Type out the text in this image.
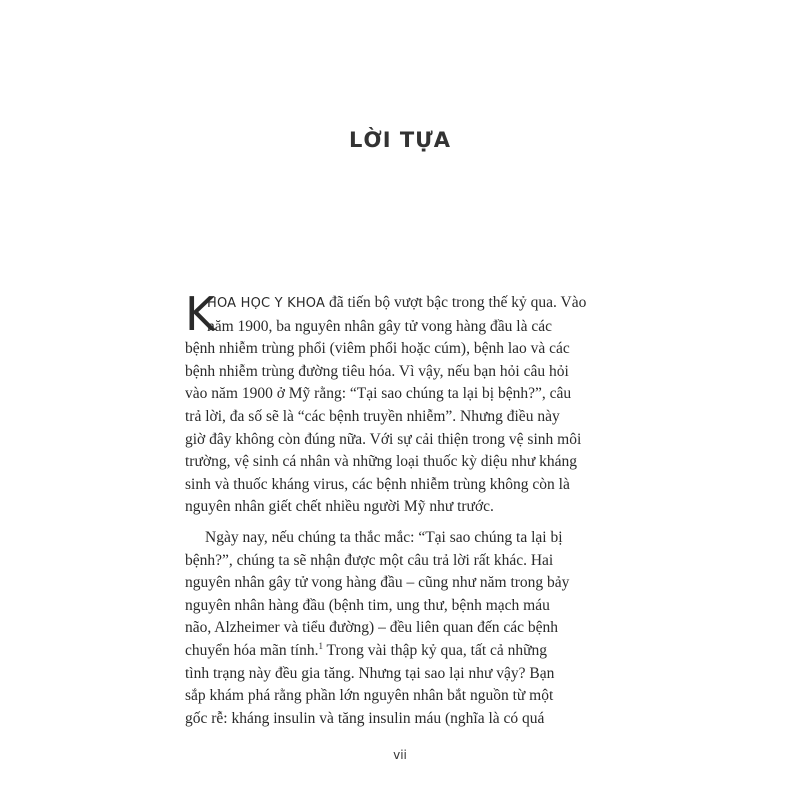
LỜI TỰA

K
HOA HỌC Y KHOA đã tiến bộ vượt bậc trong thế kỷ qua. Vào
năm 1900, ba nguyên nhân gây tử vong hàng đầu là các
bệnh nhiễm trùng phổi (viêm phổi hoặc cúm), bệnh lao và các
bệnh nhiễm trùng đường tiêu hóa. Vì vậy, nếu bạn hỏi câu hỏi
vào năm 1900 ở Mỹ rằng: “Tại sao chúng ta lại bị bệnh?”, câu
trả lời, đa số sẽ là “các bệnh truyền nhiễm”. Nhưng điều này
giờ đây không còn đúng nữa. Với sự cải thiện trong vệ sinh môi
trường, vệ sinh cá nhân và những loại thuốc kỳ diệu như kháng
sinh và thuốc kháng virus, các bệnh nhiễm trùng không còn là
nguyên nhân giết chết nhiều người Mỹ như trước.

Ngày nay, nếu chúng ta thắc mắc: “Tại sao chúng ta lại bị
bệnh?”, chúng ta sẽ nhận được một câu trả lời rất khác. Hai
nguyên nhân gây tử vong hàng đầu – cũng như năm trong bảy
nguyên nhân hàng đầu (bệnh tim, ung thư, bệnh mạch máu
não, Alzheimer và tiểu đường) – đều liên quan đến các bệnh
chuyển hóa mãn tính.$^1$ Trong vài thập kỷ qua, tất cả những
tình trạng này đều gia tăng. Nhưng tại sao lại như vậy? Bạn
sắp khám phá rằng phần lớn nguyên nhân bắt nguồn từ một
gốc rễ: kháng insulin và tăng insulin máu (nghĩa là có quá

vii
